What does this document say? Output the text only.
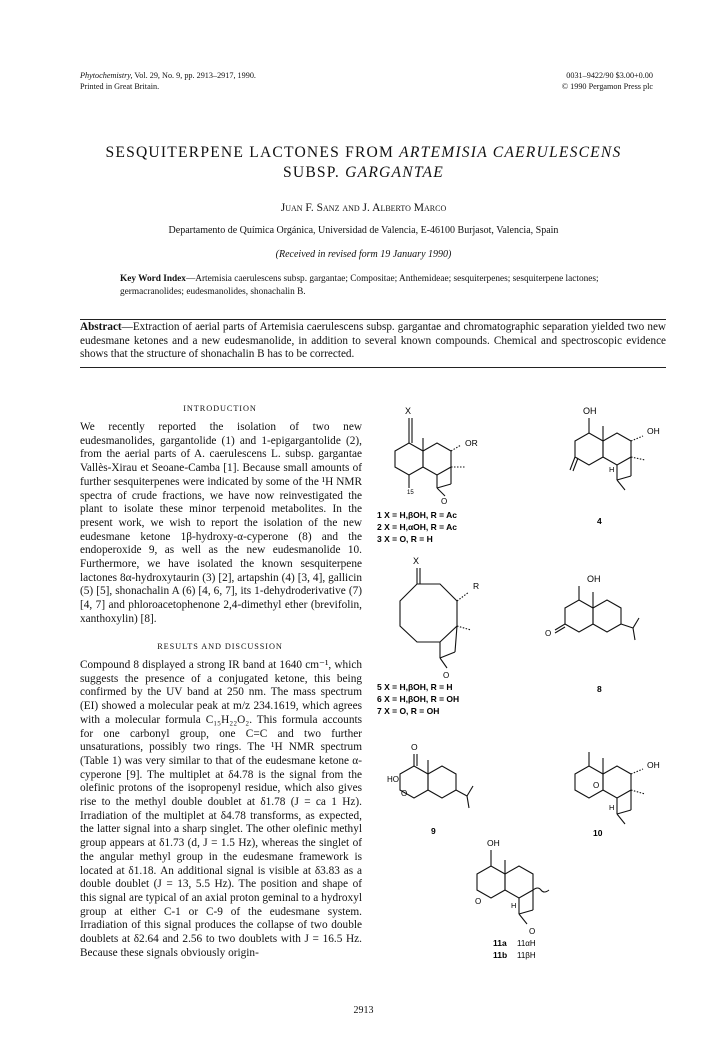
Phytochemistry, Vol. 29, No. 9, pp. 2913–2917, 1990.
Printed in Great Britain.
0031–9422/90 $3.00+0.00
© 1990 Pergamon Press plc
SESQUITERPENE LACTONES FROM ARTEMISIA CAERULESCENS
SUBSP. GARGANTAE
Juan F. Sanz and J. Alberto Marco
Departamento de Química Orgánica, Universidad de Valencia, E-46100 Burjasot, Valencia, Spain
(Received in revised form 19 January 1990)
Key Word Index—Artemisia caerulescens subsp. gargantae; Compositae; Anthemideae; sesquiterpenes; sesquiterpene lactones; germacranolides; eudesmanolides, shonachalin B.
Abstract—Extraction of aerial parts of Artemisia caerulescens subsp. gargantae and chromatographic separation yielded two new eudesmane ketones and a new eudesmanolide, in addition to several known compounds. Chemical and spectroscopic evidence shows that the structure of shonachalin B has to be corrected.
INTRODUCTION
We recently reported the isolation of two new eudesmanolides, gargantolide (1) and 1-epigargantolide (2), from the aerial parts of A. caerulescens L. subsp. gargantae Vallès-Xirau et Seoane-Camba [1]. Because small amounts of further sesquiterpenes were indicated by some of the ¹H NMR spectra of crude fractions, we have now reinvestigated the plant to isolate these minor terpenoid metabolites. In the present work, we wish to report the isolation of the new eudesmane ketone 1β-hydroxy-α-cyperone (8) and the endoperoxide 9, as well as the new eudesmanolide 10. Furthermore, we have isolated the known sesquiterpene lactones 8α-hydroxytaurin (3) [2], artapshin (4) [3, 4], gallicin (5) [5], shonachalin A (6) [4, 6, 7], its 1-dehydroderivative (7) [4, 7] and phloroacetophenone 2,4-dimethyl ether (brevifolin, xanthoxylin) [8].
RESULTS AND DISCUSSION
Compound 8 displayed a strong IR band at 1640 cm⁻¹, which suggests the presence of a conjugated ketone, this being confirmed by the UV band at 250 nm. The mass spectrum (EI) showed a molecular peak at m/z 234.1619, which agrees with a molecular formula C₁₅H₂₂O₂. This formula accounts for one carbonyl group, one C=C and two further unsaturations, possibly two rings. The ¹H NMR spectrum (Table 1) was very similar to that of the eudesmane ketone α-cyperone [9]. The multiplet at δ4.78 is the signal from the olefinic protons of the isopropenyl residue, which also gives rise to the methyl double doublet at δ1.78 (J = ca 1 Hz). Irradiation of the multiplet at δ4.78 transforms, as expected, the latter signal into a sharp singlet. The other olefinic methyl group appears at δ1.73 (d, J = 1.5 Hz), whereas the singlet of the angular methyl group in the eudesmane framework is located at δ1.18. An additional signal is visible at δ3.83 as a double doublet (J = 13, 5.5 Hz). The position and shape of this signal are typical of an axial proton geminal to a hydroxyl group at either C-1 or C-9 of the eudesmane system. Irradiation of this signal produces the collapse of two double doublets at δ2.64 and 2.56 to two doublets with J = 16.5 Hz. Because these signals obviously origin-
X
OR
15
O
1 X = H,βOH, R = Ac
2 X = H,αOH, R = Ac
3 X = O, R = H
OH
OH
H
4
X
R
O
5 X = H,βOH, R = H
6 X = H,βOH, R = OH
7 X = O, R = OH
OH
O
8
O
HO
O
9
OH
O
H
10
OH
O	H
O
11a 11αH
11b 11βH
2913
